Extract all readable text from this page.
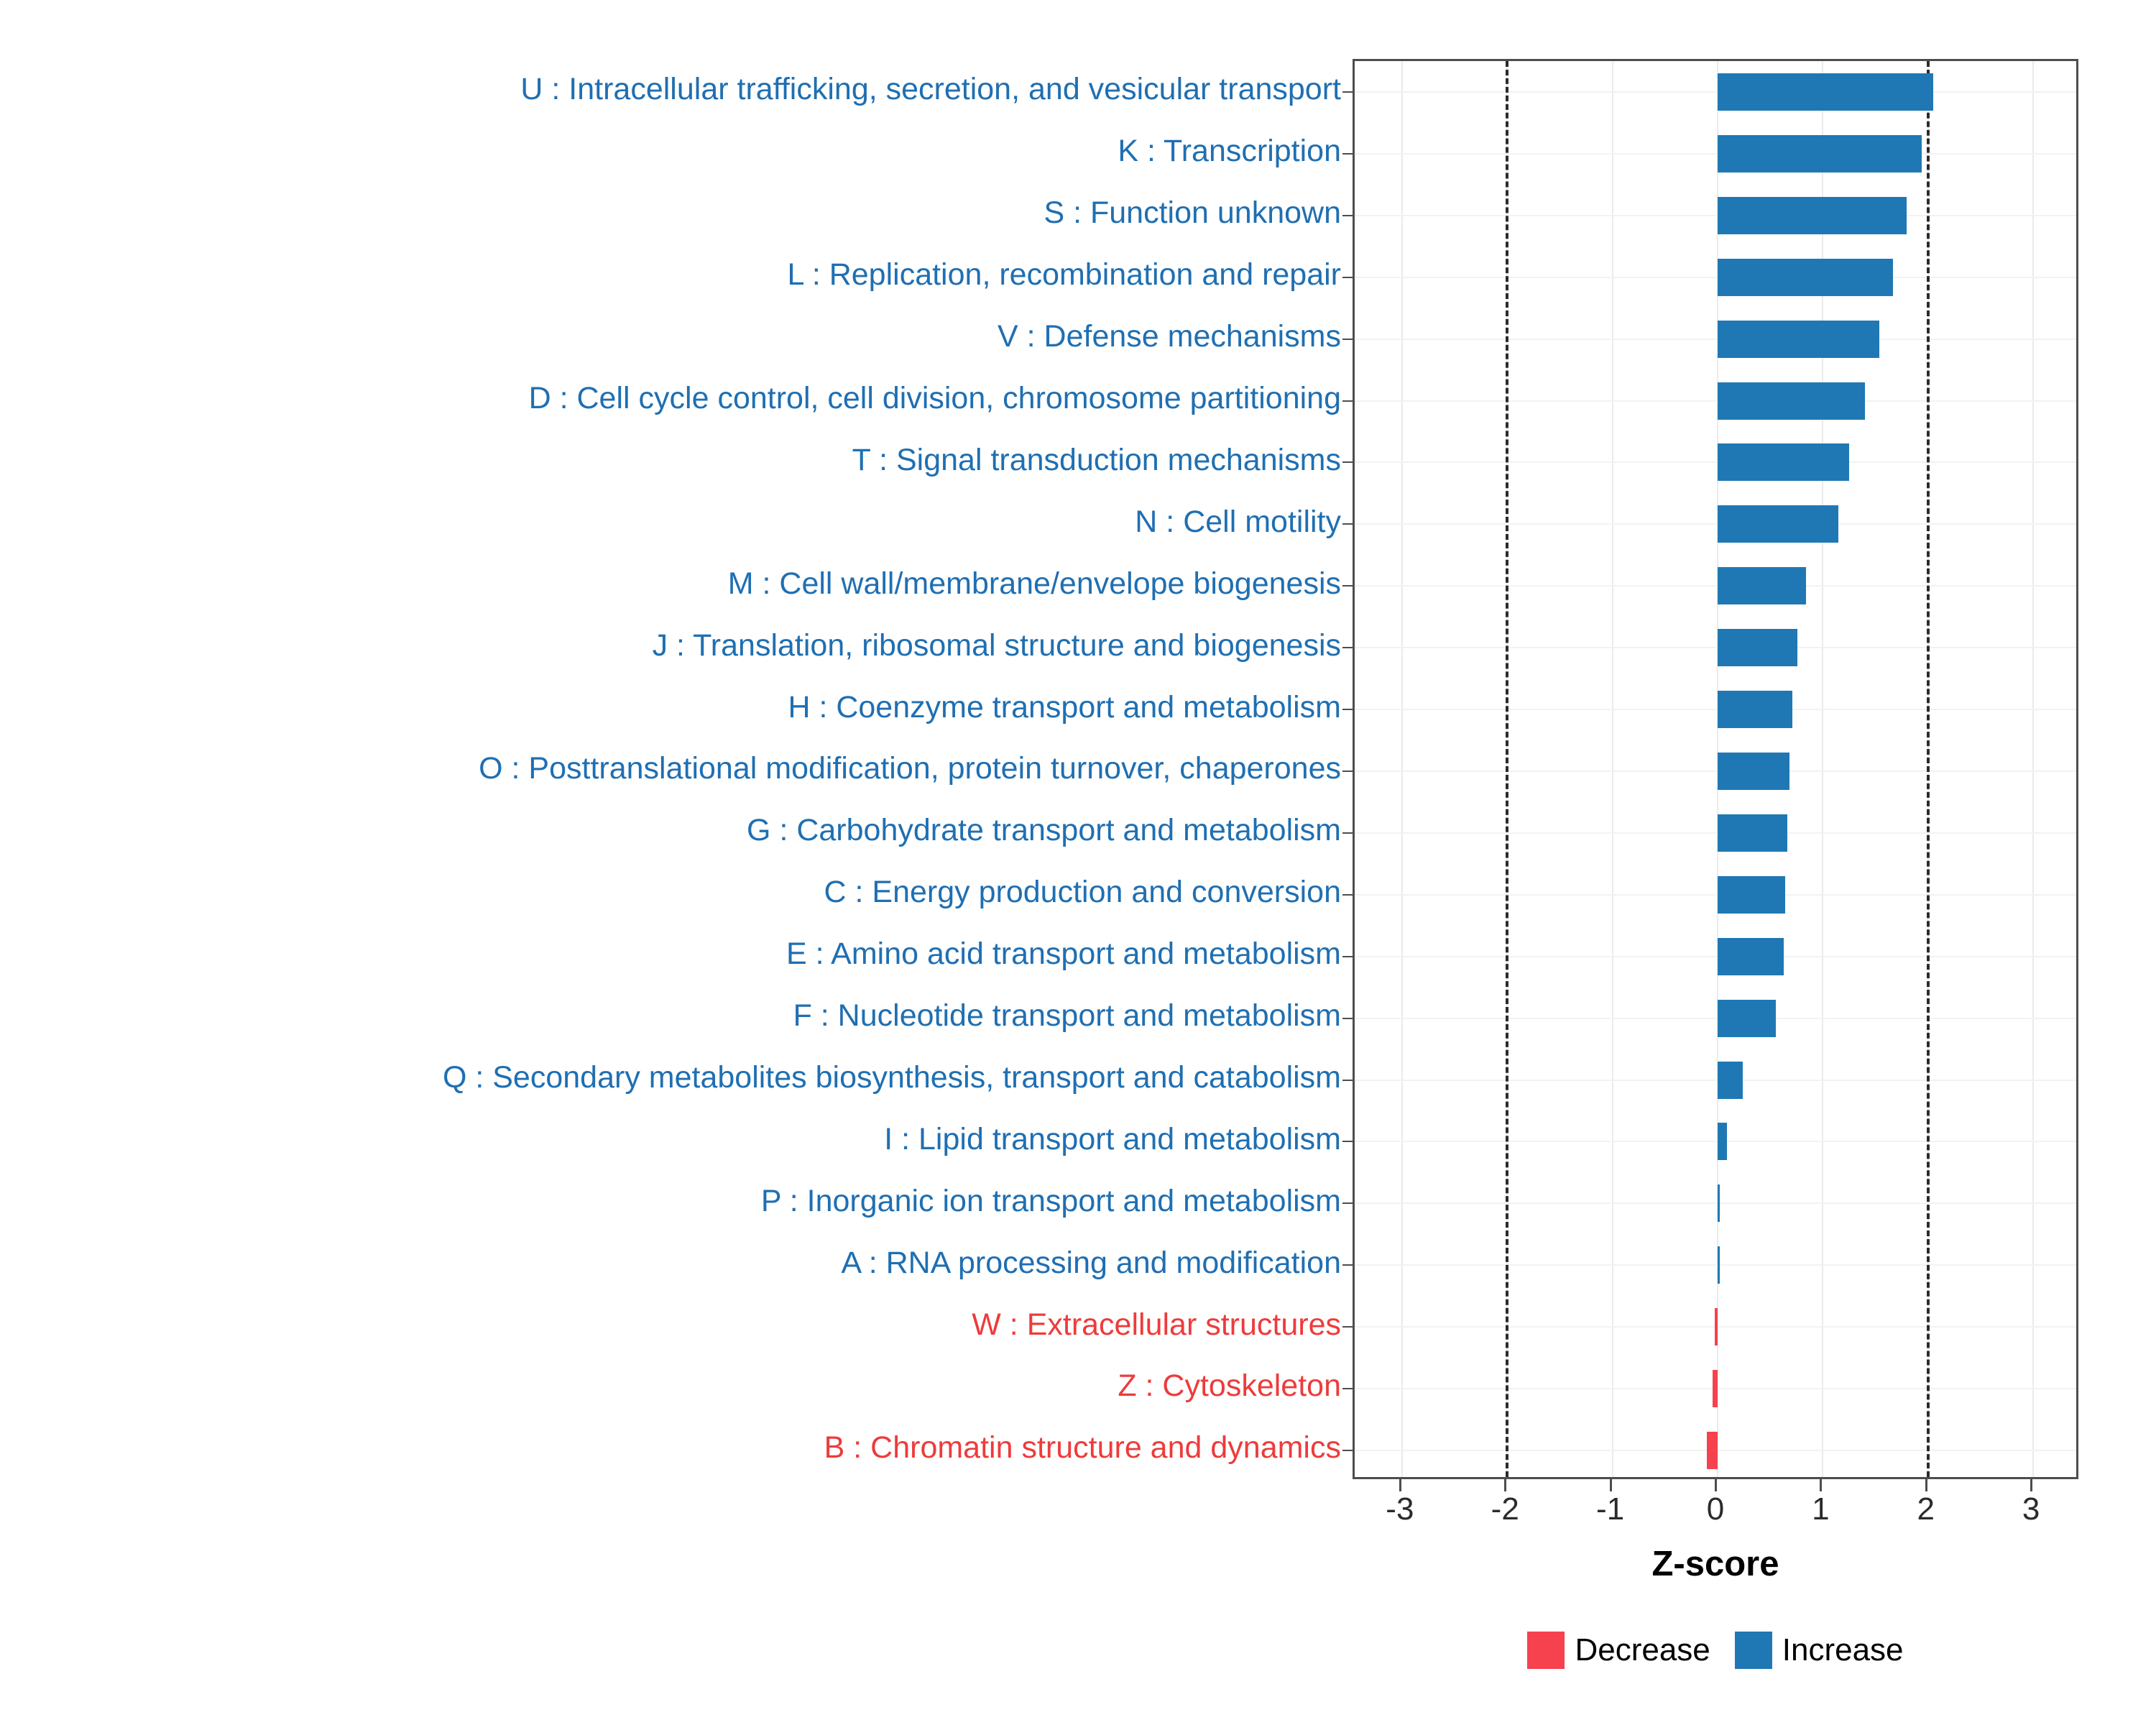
U : Intracellular trafficking, secretion, and vesicular transport
K : Transcription
S : Function unknown
L : Replication, recombination and repair
V : Defense mechanisms
D : Cell cycle control, cell division, chromosome partitioning
T : Signal transduction mechanisms
N : Cell motility
M : Cell wall/membrane/envelope biogenesis
J : Translation, ribosomal structure and biogenesis
H : Coenzyme transport and metabolism
O : Posttranslational modification, protein turnover, chaperones
G : Carbohydrate transport and metabolism
C : Energy production and conversion
E : Amino acid transport and metabolism
F : Nucleotide transport and metabolism
Q : Secondary metabolites biosynthesis, transport and catabolism
I : Lipid transport and metabolism
P : Inorganic ion transport and metabolism
A : RNA processing and modification
W : Extracellular structures
Z : Cytoskeleton
B : Chromatin structure and dynamics
-3 -2 -1	0	1	2	3
Z-score
Decrease Increase
